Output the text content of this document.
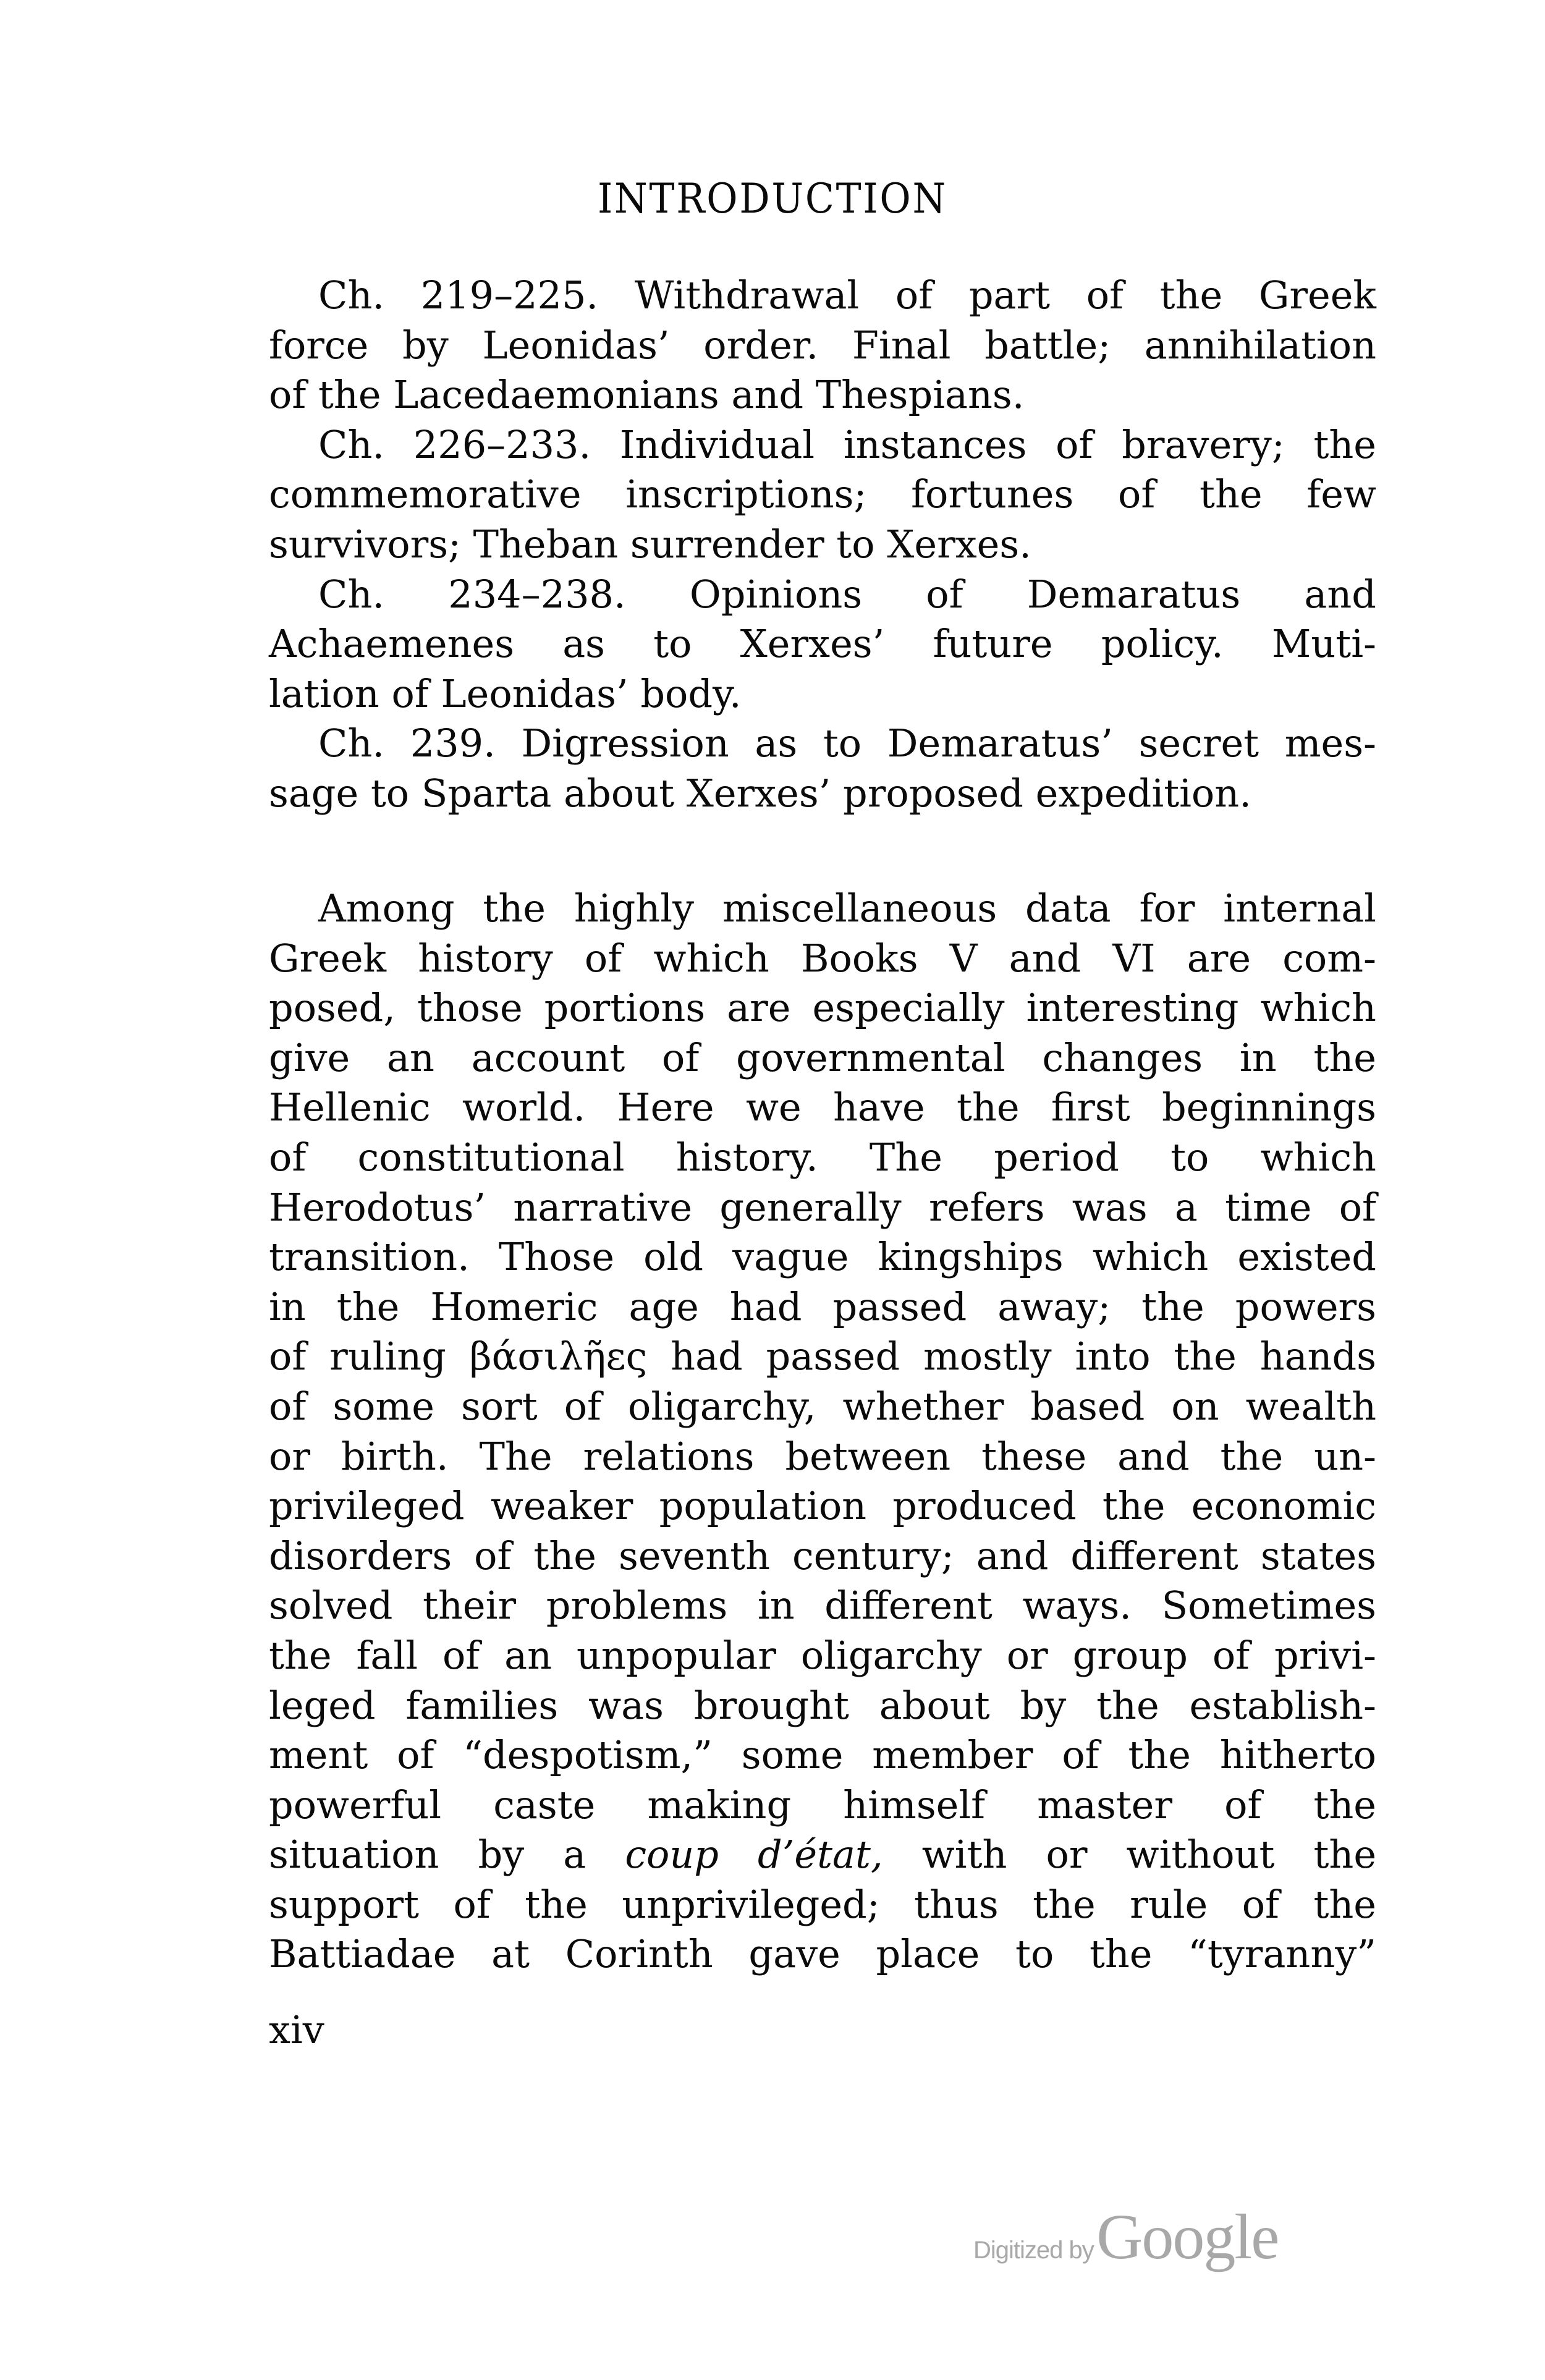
INTRODUCTION
Ch. 219–225. Withdrawal of part of the Greek
force by Leonidas’ order. Final battle; annihilation
of the Lacedaemonians and Thespians.
Ch. 226–233. Individual instances of bravery; the
commemorative inscriptions; fortunes of the few
survivors; Theban surrender to Xerxes.
Ch. 234–238. Opinions of Demaratus and
Achaemenes as to Xerxes’ future policy. Muti-
lation of Leonidas’ body.
Ch. 239. Digression as to Demaratus’ secret mes-
sage to Sparta about Xerxes’ proposed expedition.
Among the highly miscellaneous data for internal
Greek history of which Books V and VI are com-
posed, those portions are especially interesting which
give an account of governmental changes in the
Hellenic world. Here we have the first beginnings
of constitutional history. The period to which
Herodotus’ narrative generally refers was a time of
transition. Those old vague kingships which existed
in the Homeric age had passed away; the powers
of ruling βάσιλῆες had passed mostly into the hands
of some sort of oligarchy, whether based on wealth
or birth. The relations between these and the un-
privileged weaker population produced the economic
disorders of the seventh century; and different states
solved their problems in different ways. Sometimes
the fall of an unpopular oligarchy or group of privi-
leged families was brought about by the establish-
ment of “despotism,” some member of the hitherto
powerful caste making himself master of the
situation by a coup d’état, with or without the
support of the unprivileged; thus the rule of the
Battiadae at Corinth gave place to the “tyranny”
xiv
Digitized by Google
